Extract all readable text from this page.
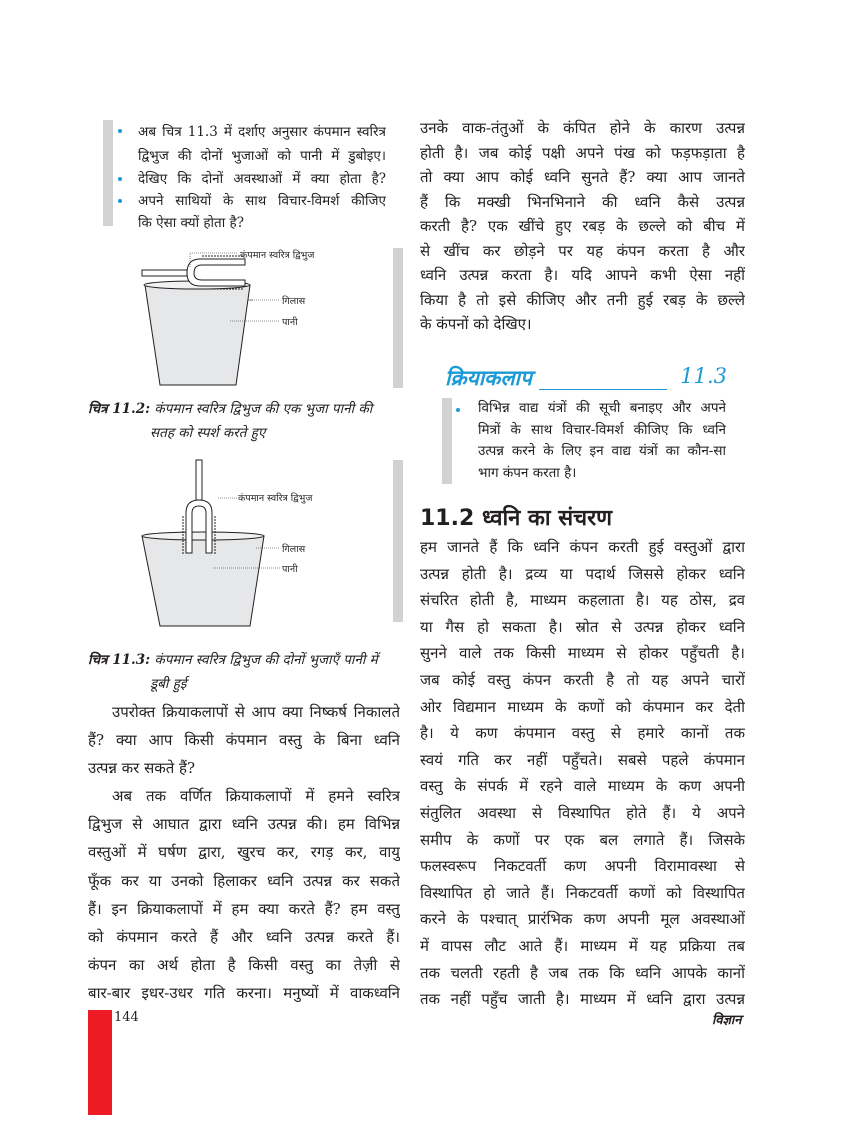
अब चित्र 11.3 में दर्शाए अनुसार कंपमान स्वरित्र
द्विभुज की दोनों भुजाओं को पानी में डुबोइए।
देखिए कि दोनों अवस्थाओं में क्या होता है?
अपने साथियों के साथ विचार-विमर्श कीजिए
कि ऐसा क्यों होता है?
कंपमान स्वरित्र द्विभुज
गिलास
पानी
चित्र 11.2: कंपमान स्वरित्र द्विभुज की एक भुजा पानी की
सतह को स्पर्श करते हुए
कंपमान स्वरित्र द्विभुज
गिलास
पानी
चित्र 11.3: कंपमान स्वरित्र द्विभुज की दोनों भुजाएँ पानी में
डूबी हुई
उपरोक्त क्रियाकलापों से आप क्या निष्कर्ष निकालते
हैं? क्या आप किसी कंपमान वस्तु के बिना ध्वनि
उत्पन्न कर सकते हैं?
अब तक वर्णित क्रियाकलापों में हमने स्वरित्र
द्विभुज से आघात द्वारा ध्वनि उत्पन्न की। हम विभिन्न
वस्तुओं में घर्षण द्वारा, खुरच कर, रगड़ कर, वायु
फूँक कर या उनको हिलाकर ध्वनि उत्पन्न कर सकते
हैं। इन क्रियाकलापों में हम क्या करते हैं? हम वस्तु
को कंपमान करते हैं और ध्वनि उत्पन्न करते हैं।
कंपन का अर्थ होता है किसी वस्तु का तेज़ी से
बार-बार इधर-उधर गति करना। मनुष्यों में वाकध्वनि
उनके वाक-तंतुओं के कंपित होने के कारण उत्पन्न
होती है। जब कोई पक्षी अपने पंख को फड़फड़ाता है
तो क्या आप कोई ध्वनि सुनते हैं? क्या आप जानते
हैं कि मक्खी भिनभिनाने की ध्वनि कैसे उत्पन्न
करती है? एक खींचे हुए रबड़ के छल्ले को बीच में
से खींच कर छोड़ने पर यह कंपन करता है और
ध्वनि उत्पन्न करता है। यदि आपने कभी ऐसा नहीं
किया है तो इसे कीजिए और तनी हुई रबड़ के छल्ले
के कंपनों को देखिए।
क्रियाकलाप	11.3
विभिन्न वाद्य यंत्रों की सूची बनाइए और अपने
मित्रों के साथ विचार-विमर्श कीजिए कि ध्वनि
उत्पन्न करने के लिए इन वाद्य यंत्रों का कौन-सा
भाग कंपन करता है।
11.2 ध्वनि का संचरण
हम जानते हैं कि ध्वनि कंपन करती हुई वस्तुओं द्वारा
उत्पन्न होती है। द्रव्य या पदार्थ जिससे होकर ध्वनि
संचरित होती है, माध्यम कहलाता है। यह ठोस, द्रव
या गैस हो सकता है। स्रोत से उत्पन्न होकर ध्वनि
सुनने वाले तक किसी माध्यम से होकर पहुँचती है।
जब कोई वस्तु कंपन करती है तो यह अपने चारों
ओर विद्यमान माध्यम के कणों को कंपमान कर देती
है। ये कण कंपमान वस्तु से हमारे कानों तक
स्वयं गति कर नहीं पहुँचते। सबसे पहले कंपमान
वस्तु के संपर्क में रहने वाले माध्यम के कण अपनी
संतुलित अवस्था से विस्थापित होते हैं। ये अपने
समीप के कणों पर एक बल लगाते हैं। जिसके
फलस्वरूप निकटवर्ती कण अपनी विरामावस्था से
विस्थापित हो जाते हैं। निकटवर्ती कणों को विस्थापित
करने के पश्चात् प्रारंभिक कण अपनी मूल अवस्थाओं
में वापस लौट आते हैं। माध्यम में यह प्रक्रिया तब
तक चलती रहती है जब तक कि ध्वनि आपके कानों
तक नहीं पहुँच जाती है। माध्यम में ध्वनि द्वारा उत्पन्न
144	विज्ञान
